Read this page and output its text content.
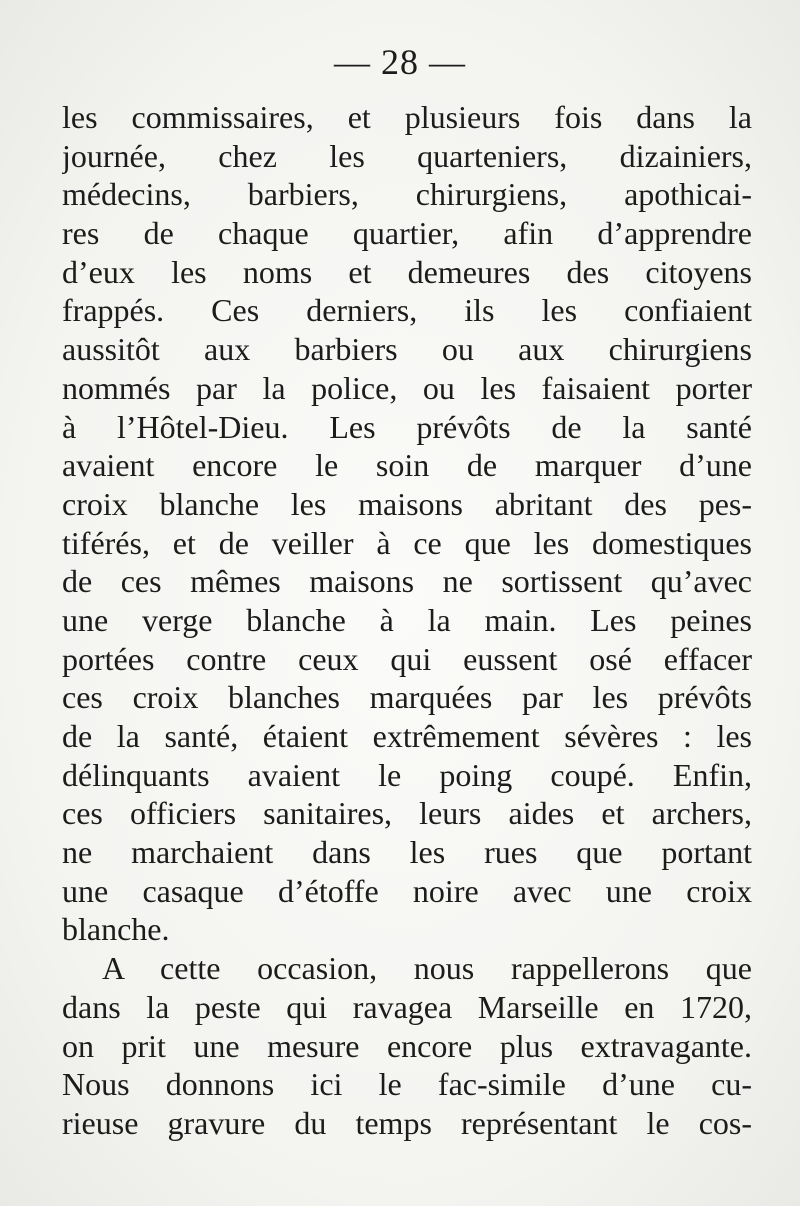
— 28 —
les commissaires, et plusieurs fois dans la
journée, chez les quarteniers, dizainiers,
médecins, barbiers, chirurgiens, apothicai-
res de chaque quartier, afin d’apprendre
d’eux les noms et demeures des citoyens
frappés. Ces derniers, ils les confiaient
aussitôt aux barbiers ou aux chirurgiens
nommés par la police, ou les faisaient porter
à l’Hôtel-Dieu. Les prévôts de la santé
avaient encore le soin de marquer d’une
croix blanche les maisons abritant des pes-
tiférés, et de veiller à ce que les domestiques
de ces mêmes maisons ne sortissent qu’avec
une verge blanche à la main. Les peines
portées contre ceux qui eussent osé effacer
ces croix blanches marquées par les prévôts
de la santé, étaient extrêmement sévères : les
délinquants avaient le poing coupé. Enfin,
ces officiers sanitaires, leurs aides et archers,
ne marchaient dans les rues que portant
une casaque d’étoffe noire avec une croix
blanche.
A cette occasion, nous rappellerons que
dans la peste qui ravagea Marseille en 1720,
on prit une mesure encore plus extravagante.
Nous donnons ici le fac-simile d’une cu-
rieuse gravure du temps représentant le cos-
